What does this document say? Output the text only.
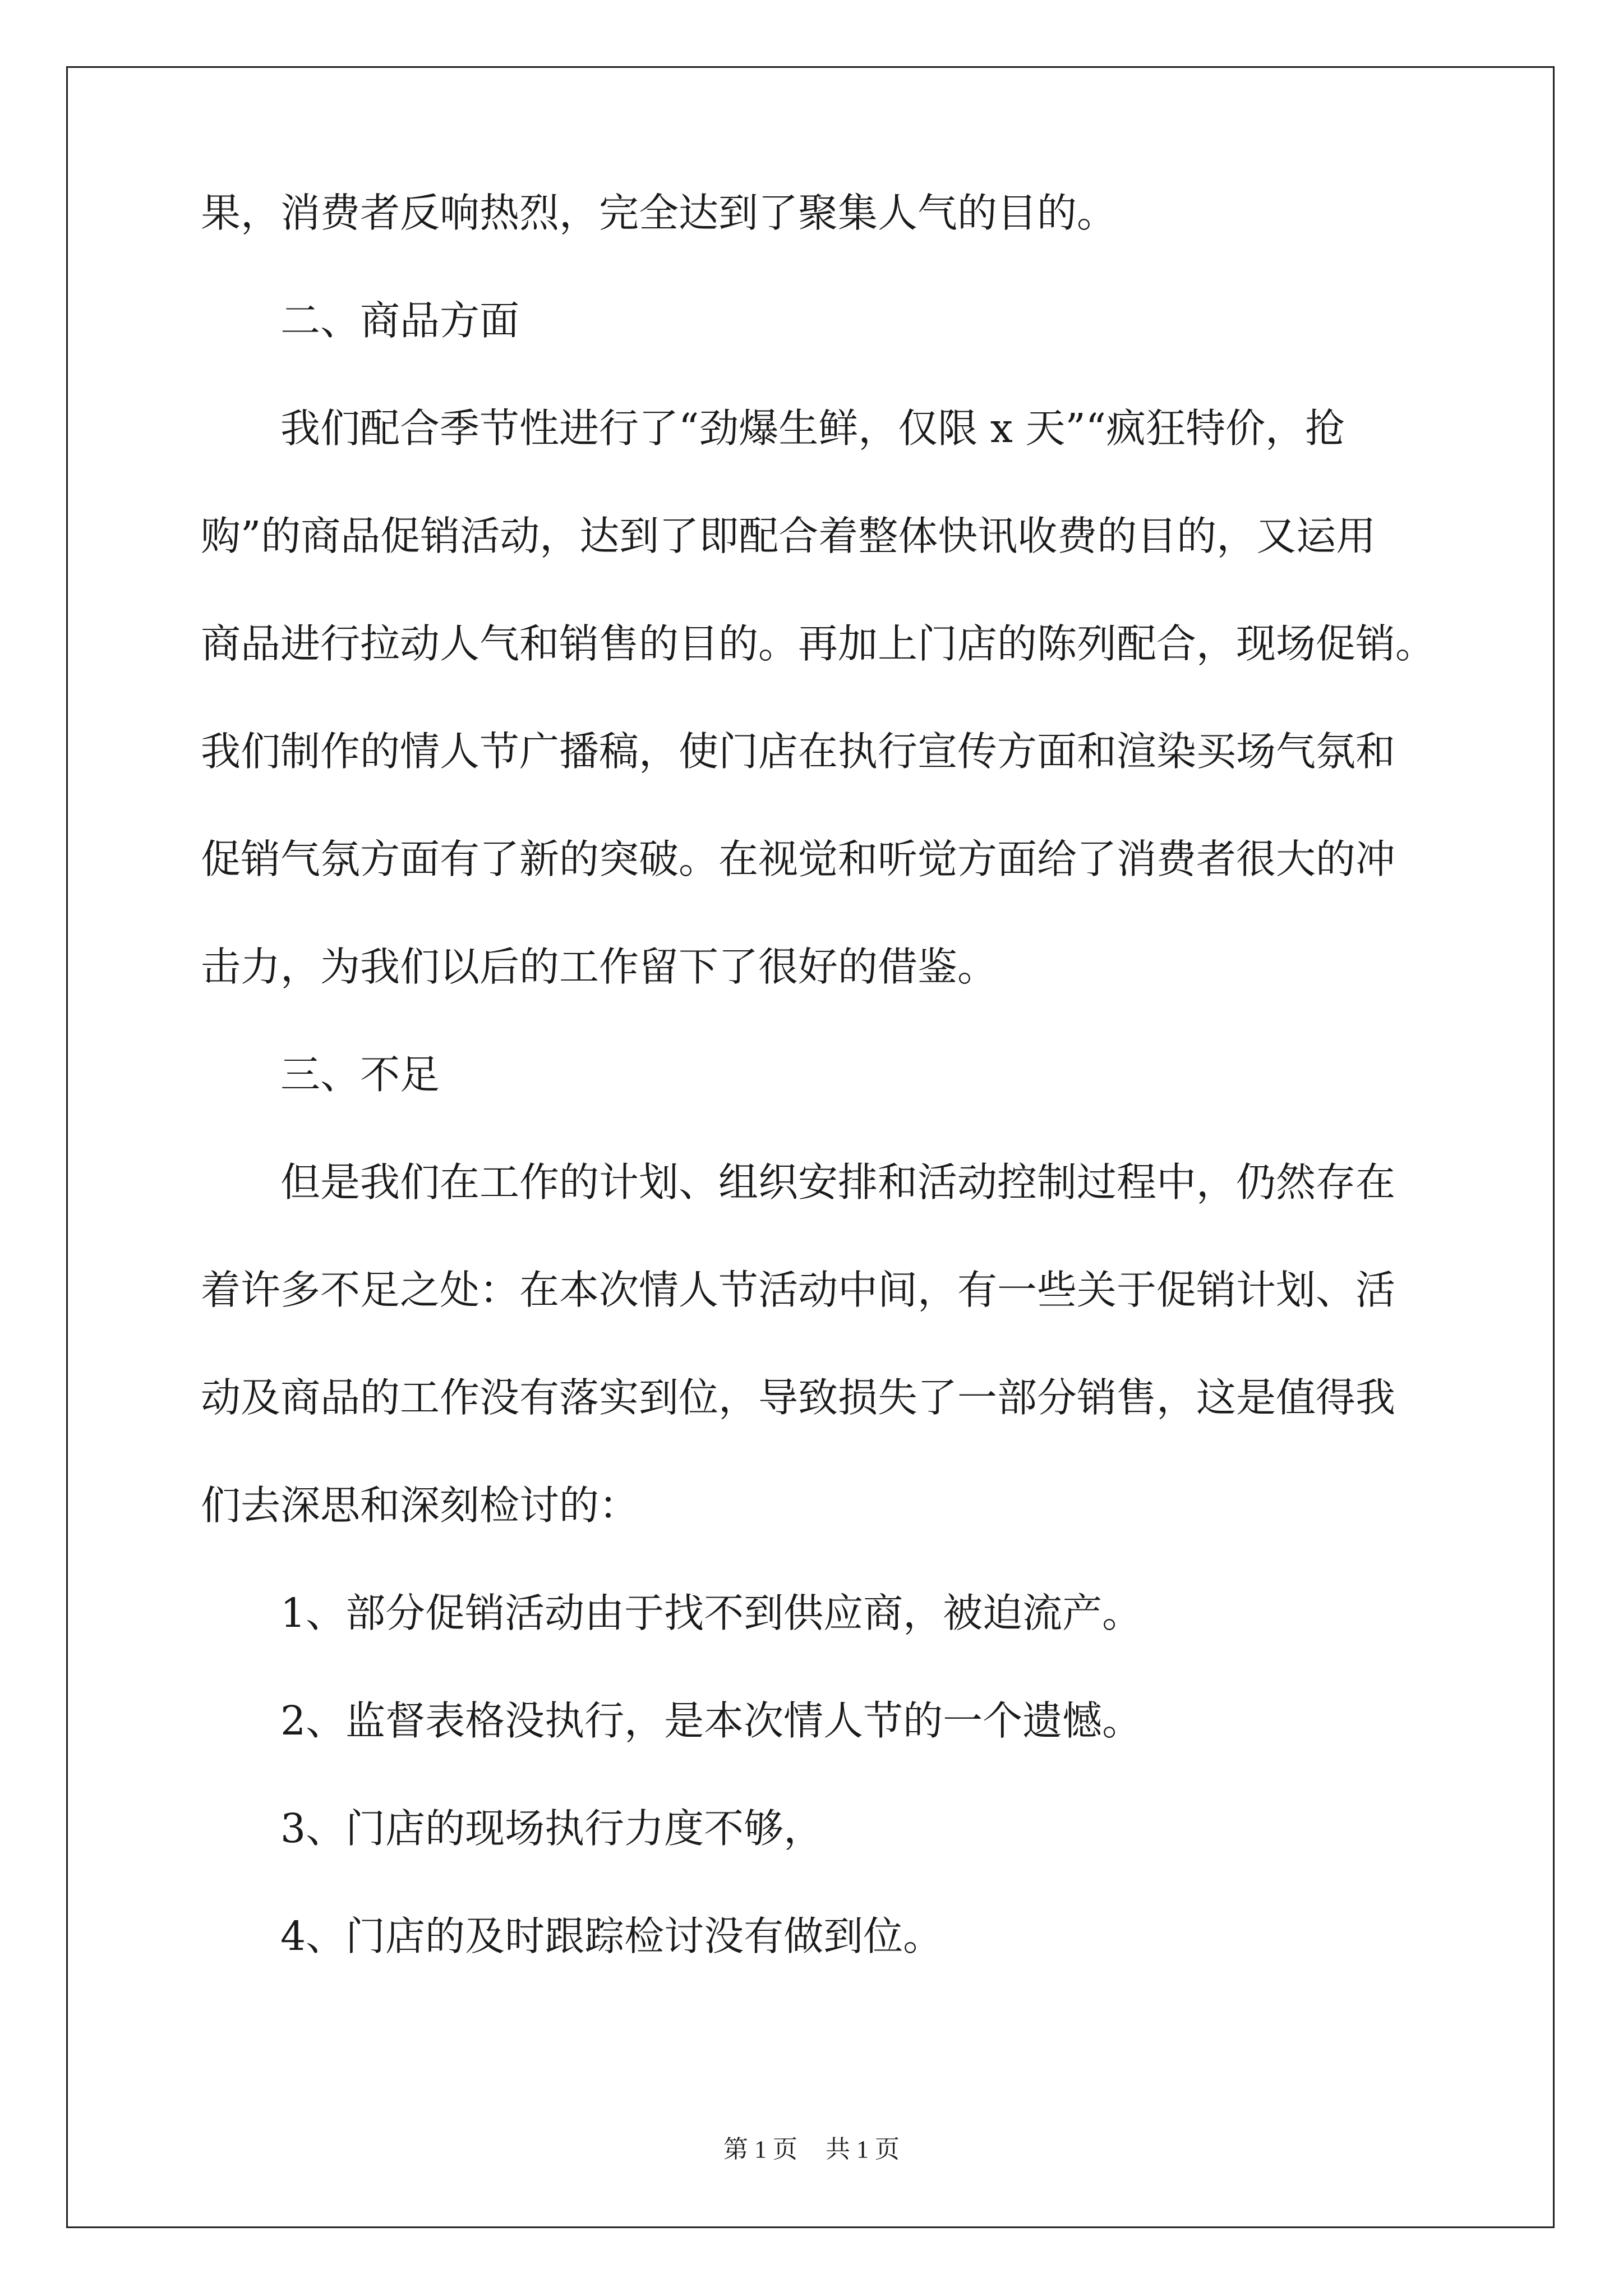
果，消费者反响热烈，完全达到了聚集人气的目的。
二、商品方面
我们配合季节性进行了“劲爆生鲜，仅限 x 天”“疯狂特价，抢
购”的商品促销活动，达到了即配合着整体快讯收费的目的，又运用
商品进行拉动人气和销售的目的。再加上门店的陈列配合，现场促销。
我们制作的情人节广播稿，使门店在执行宣传方面和渲染买场气氛和
促销气氛方面有了新的突破。在视觉和听觉方面给了消费者很大的冲
击力，为我们以后的工作留下了很好的借鉴。
三、不足
但是我们在工作的计划、组织安排和活动控制过程中，仍然存在
着许多不足之处：在本次情人节活动中间，有一些关于促销计划、活
动及商品的工作没有落实到位，导致损失了一部分销售，这是值得我
们去深思和深刻检讨的：
1、部分促销活动由于找不到供应商，被迫流产。
2、监督表格没执行，是本次情人节的一个遗憾。
3、门店的现场执行力度不够，
4、门店的及时跟踪检讨没有做到位。
第 1 页 共 1 页
